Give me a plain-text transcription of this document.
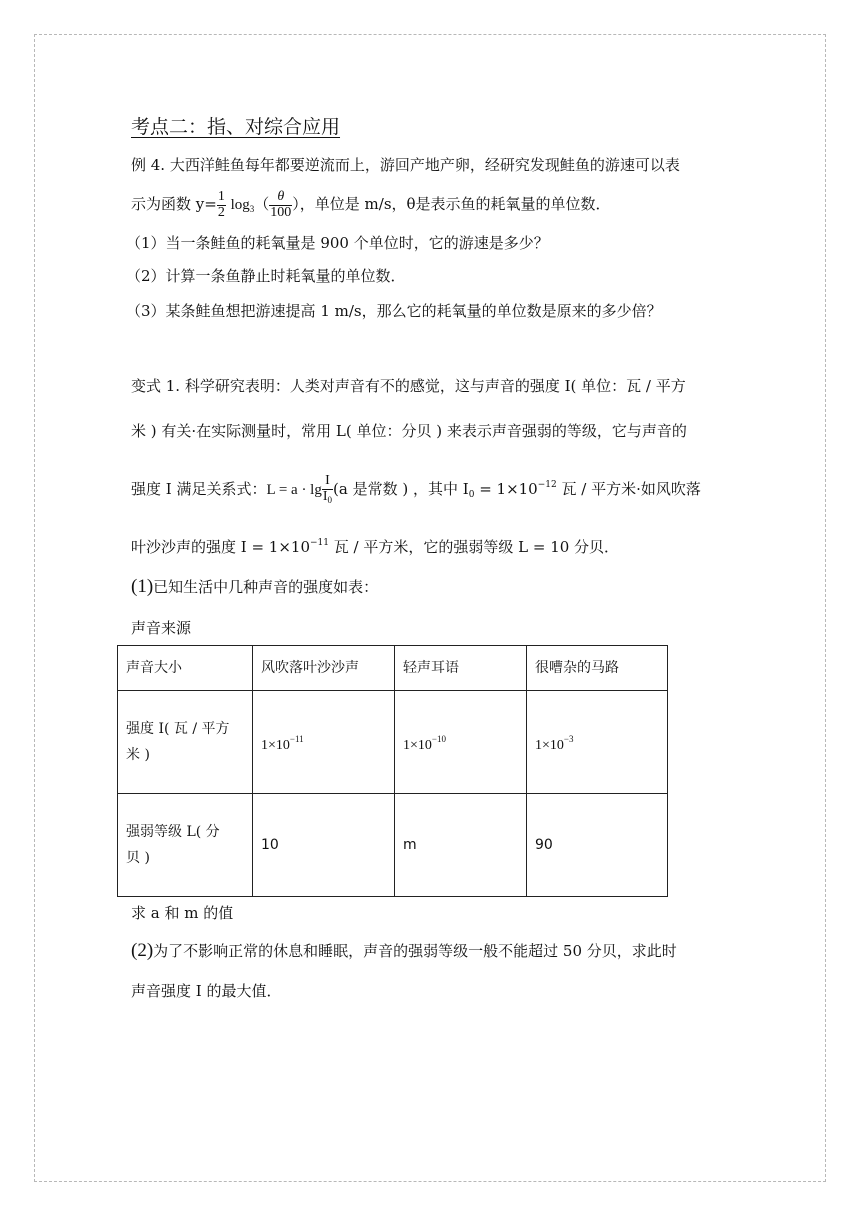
考点二：指、对综合应用
例 4. 大西洋鲑鱼每年都要逆流而上，游回产地产卵，经研究发现鲑鱼的游速可以表
示为函数 $y= \frac{1}{2} \log_3( \frac{\theta}{100}$ ），单位是 m/s，θ是表示鱼的耗氧量的单位数．
（1）当一条鲑鱼的耗氧量是 900 个单位时，它的游速是多少？
（2）计算一条鱼静止时耗氧量的单位数．
（3）某条鲑鱼想把游速提高 1 m/s，那么它的耗氧量的单位数是原来的多少倍？
变式 1. 科学研究表明：人类对声音有不的感觉，这与声音的强度 I( 单位：瓦 / 平方
米 ) 有关·在实际测量时，常用 L( 单位：分贝 ) 来表示声音强弱的等级，它与声音的
强度 I 满足关系式：$L = a \cdot \lg \frac{I}{I_0} (a$ 是常数 ) ，其中 $I_0 = 1\times 10^{-12}$ 瓦 / 平方米·如风吹落
叶沙沙声的强度 $I = 1\times 10^{-11}$ 瓦 / 平方米，它的强弱等级 L = 10 分贝．
(1)已知生活中几种声音的强度如表：
声音来源
声音大小	风吹落叶沙沙声	轻声耳语	很嘈杂的马路
强度 I( 瓦 / 平方
米 )	$1\times 10^{-11}$	$1\times 10^{-10}$	$1\times 10^{-3}$
强弱等级 L( 分
贝 )	10	m	90
求 a 和 m 的值
(2)为了不影响正常的休息和睡眠，声音的强弱等级一般不能超过 50 分贝，求此时
声音强度 I 的最大值．
